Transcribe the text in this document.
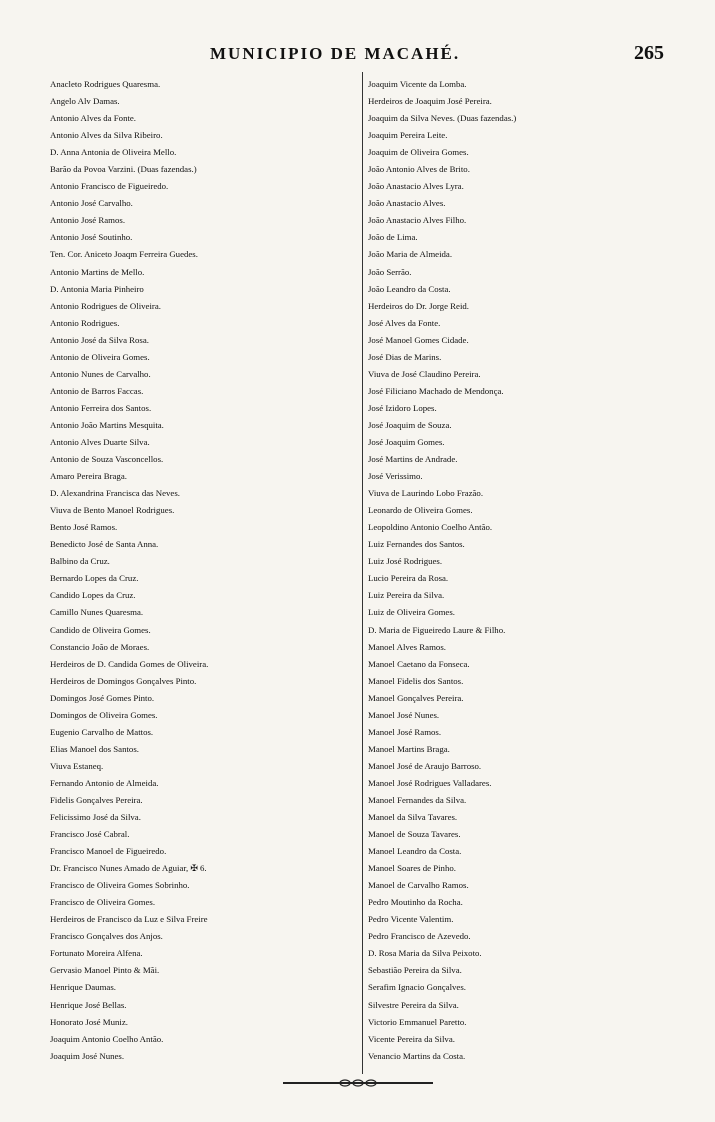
MUNICIPIO DE MACAHÉ.	265
Anacleto Rodrigues Quaresma.
Angelo Alv Damas.
Antonio Alves da Fonte.
Antonio Alves da Silva Ribeiro.
D. Anna Antonia de Oliveira Mello.
Barão da Povoa Varzini. (Duas fazendas.)
Antonio Francisco de Figueiredo.
Antonio José Carvalho.
Antonio José Ramos.
Antonio José Soutinho.
Ten. Cor. Aniceto Joaqm Ferreira Guedes.
Antonio Martins de Mello.
D. Antonia Maria Pinheiro
Antonio Rodrigues de Oliveira.
Antonio Rodrigues.
Antonio José da Silva Rosa.
Antonio de Oliveira Gomes.
Antonio Nunes de Carvalho.
Antonio de Barros Faccas.
Antonio Ferreira dos Santos.
Antonio João Martins Mesquita.
Antonio Alves Duarte Silva.
Antonio de Souza Vasconcellos.
Amaro Pereira Braga.
D. Alexandrina Francisca das Neves.
Viuva de Bento Manoel Rodrigues.
Bento José Ramos.
Benedicto José de Santa Anna.
Balbino da Cruz.
Bernardo Lopes da Cruz.
Candido Lopes da Cruz.
Camillo Nunes Quaresma.
Candido de Oliveira Gomes.
Constancio João de Moraes.
Herdeiros de D. Candida Gomes de Oliveira.
Herdeiros de Domingos Gonçalves Pinto.
Domingos José Gomes Pinto.
Domingos de Oliveira Gomes.
Eugenio Carvalho de Mattos.
Elias Manoel dos Santos.
Viuva Estaneq.
Fernando Antonio de Almeida.
Fidelis Gonçalves Pereira.
Felicissimo José da Silva.
Francisco José Cabral.
Francisco Manoel de Figueiredo.
Dr. Francisco Nunes Amado de Aguiar, ✠ 6.
Francisco de Oliveira Gomes Sobrinho.
Francisco de Oliveira Gomes.
Herdeiros de Francisco da Luz e Silva Freire
Francisco Gonçalves dos Anjos.
Fortunato Moreira Alfena.
Gervasio Manoel Pinto & Mãi.
Henrique Daumas.
Henrique José Bellas.
Honorato José Muniz.
Joaquim Antonio Coelho Antão.
Joaquim José Nunes.
Joaquim Vicente da Lomba.
Herdeiros de Joaquim José Pereira.
Joaquim da Silva Neves. (Duas fazendas.)
Joaquim Pereira Leite.
Joaquim de Oliveira Gomes.
João Antonio Alves de Brito.
João Anastacio Alves Lyra.
João Anastacio Alves.
João Anastacio Alves Filho.
João de Lima.
João Maria de Almeida.
João Serrão.
João Leandro da Costa.
Herdeiros do Dr. Jorge Reid.
José Alves da Fonte.
José Manoel Gomes Cidade.
José Dias de Marins.
Viuva de José Claudino Pereira.
José Filiciano Machado de Mendonça.
José Izidoro Lopes.
José Joaquim de Souza.
José Joaquim Gomes.
José Martins de Andrade.
José Verissimo.
Viuva de Laurindo Lobo Frazão.
Leonardo de Oliveira Gomes.
Leopoldino Antonio Coelho Antão.
Luiz Fernandes dos Santos.
Luiz José Rodrigues.
Lucio Pereira da Rosa.
Luiz Pereira da Silva.
Luiz de Oliveira Gomes.
D. Maria de Figueiredo Laure & Filho.
Manoel Alves Ramos.
Manoel Caetano da Fonseca.
Manoel Fidelis dos Santos.
Manoel Gonçalves Pereira.
Manoel José Nunes.
Manoel José Ramos.
Manoel Martins Braga.
Manoel José de Araujo Barroso.
Manoel José Rodrigues Valladares.
Manoel Fernandes da Silva.
Manoel da Silva Tavares.
Manoel de Souza Tavares.
Manoel Leandro da Costa.
Manoel Soares de Pinho.
Manoel de Carvalho Ramos.
Pedro Moutinho da Rocha.
Pedro Vicente Valentim.
Pedro Francisco de Azevedo.
D. Rosa Maria da Silva Peixoto.
Sebastião Pereira da Silva.
Serafim Ignacio Gonçalves.
Silvestre Pereira da Silva.
Victorio Emmanuel Paretto.
Vicente Pereira da Silva.
Venancio Martins da Costa.
